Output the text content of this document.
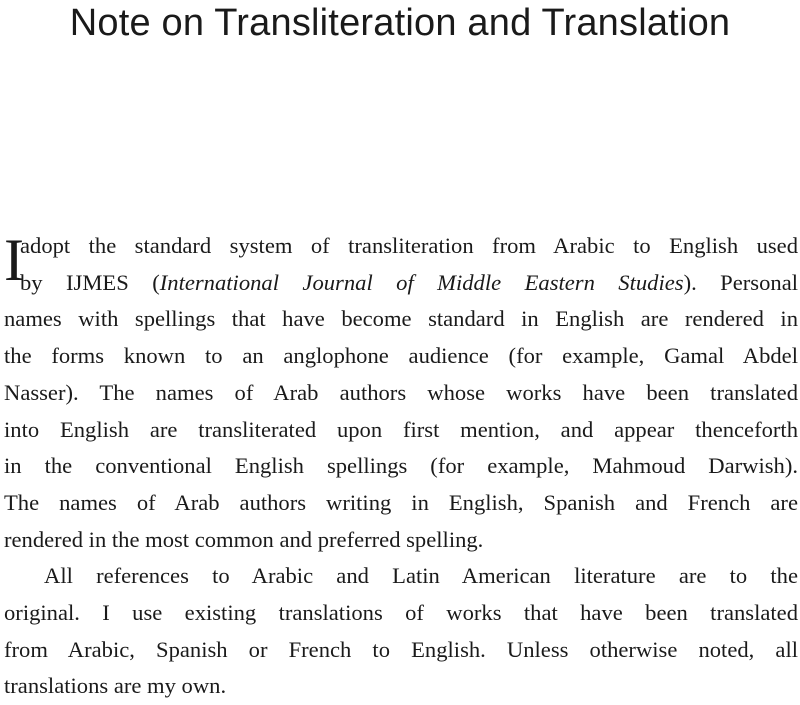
Note on Transliteration and Translation

I
adopt the standard system of transliteration from Arabic to English used
by IJMES (International Journal of Middle Eastern Studies). Personal
names with spellings that have become standard in English are rendered in
the forms known to an anglophone audience (for example, Gamal Abdel
Nasser). The names of Arab authors whose works have been translated
into English are transliterated upon first mention, and appear thenceforth
in the conventional English spellings (for example, Mahmoud Darwish).
The names of Arab authors writing in English, Spanish and French are
rendered in the most common and preferred spelling.

All references to Arabic and Latin American literature are to the
original. I use existing translations of works that have been translated
from Arabic, Spanish or French to English. Unless otherwise noted, all
translations are my own.
